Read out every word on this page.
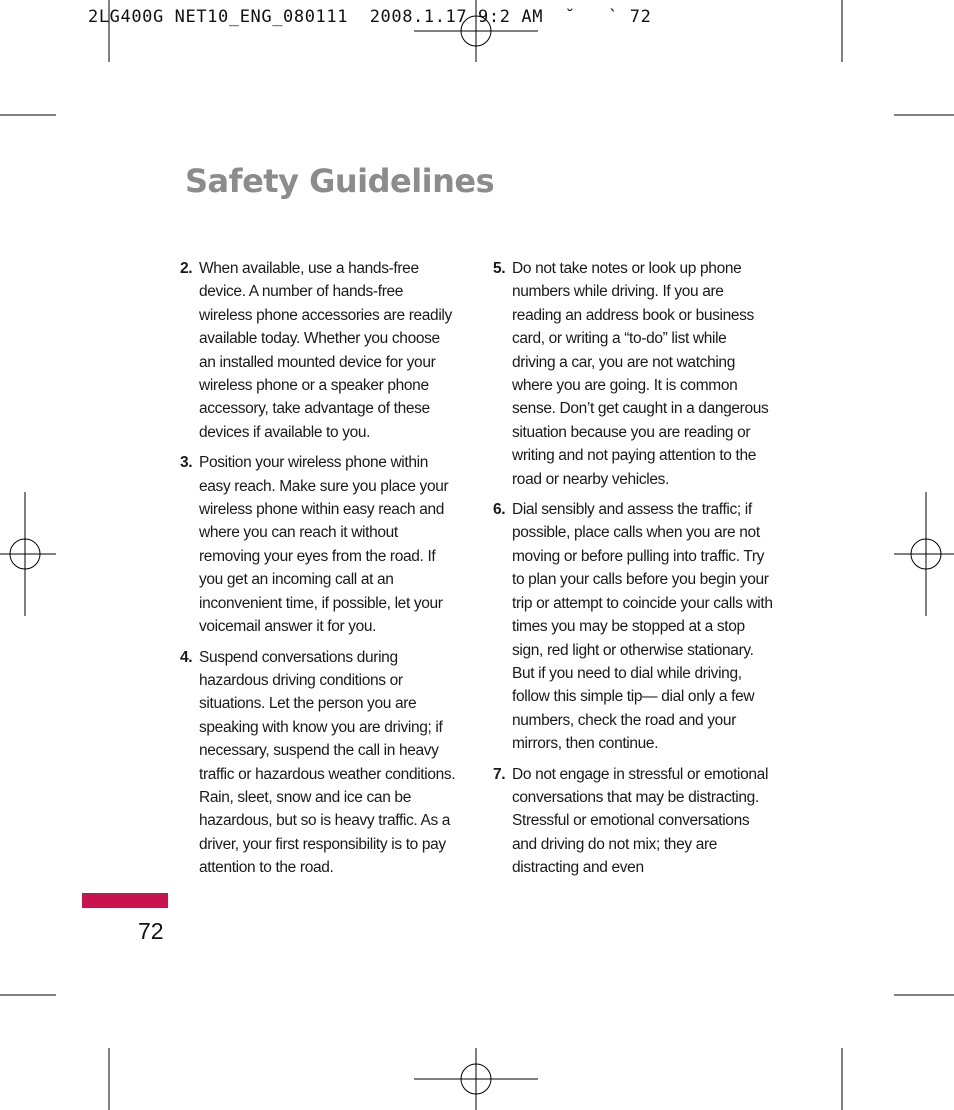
2LG400G NET10_ENG_080111  2008.1.17 9:2 AM  ˘   ` 72
Safety Guidelines
2. When available, use a hands-free device. A number of hands-free wireless phone accessories are readily available today. Whether you choose an installed mounted device for your wireless phone or a speaker phone accessory, take advantage of these devices if available to you.
3. Position your wireless phone within easy reach. Make sure you place your wireless phone within easy reach and where you can reach it without removing your eyes from the road. If you get an incoming call at an inconvenient time, if possible, let your voicemail answer it for you.
4. Suspend conversations during hazardous driving conditions or situations. Let the person you are speaking with know you are driving; if necessary, suspend the call in heavy traffic or hazardous weather conditions. Rain, sleet, snow and ice can be hazardous, but so is heavy traffic. As a driver, your first responsibility is to pay attention to the road.
5. Do not take notes or look up phone numbers while driving. If you are reading an address book or business card, or writing a “to-do” list while driving a car, you are not watching where you are going. It is common sense. Don’t get caught in a dangerous situation because you are reading or writing and not paying attention to the road or nearby vehicles.
6. Dial sensibly and assess the traffic; if possible, place calls when you are not moving or before pulling into traffic. Try to plan your calls before you begin your trip or attempt to coincide your calls with times you may be stopped at a stop sign, red light or otherwise stationary. But if you need to dial while driving, follow this simple tip— dial only a few numbers, check the road and your mirrors, then continue.
7. Do not engage in stressful or emotional conversations that may be distracting. Stressful or emotional conversations and driving do not mix; they are distracting and even
72
